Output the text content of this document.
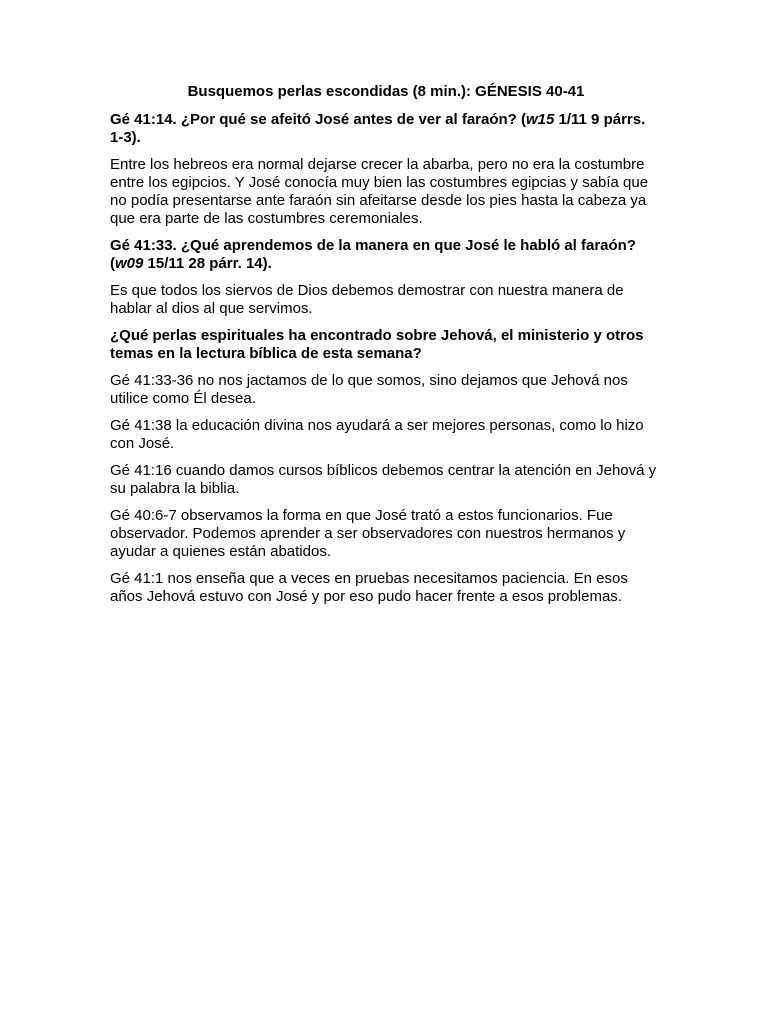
Busquemos perlas escondidas (8 min.): GÉNESIS 40-41

Gé 41:14. ¿Por qué se afeitó José antes de ver al faraón? (w15 1/11 9 párrs. 1-3).

Entre los hebreos era normal dejarse crecer la abarba, pero no era la costumbre entre los egipcios. Y José conocía muy bien las costumbres egipcias y sabía que no podía presentarse ante faraón sin afeitarse desde los pies hasta la cabeza ya que era parte de las costumbres ceremoniales.

Gé 41:33. ¿Qué aprendemos de la manera en que José le habló al faraón? (w09 15/11 28 párr. 14).

Es que todos los siervos de Dios debemos demostrar con nuestra manera de hablar al dios al que servimos.

¿Qué perlas espirituales ha encontrado sobre Jehová, el ministerio y otros temas en la lectura bíblica de esta semana?

Gé 41:33-36 no nos jactamos de lo que somos, sino dejamos que Jehová nos utilice como Él desea.

Gé 41:38 la educación divina nos ayudará a ser mejores personas, como lo hizo con José.

Gé 41:16 cuando damos cursos bíblicos debemos centrar la atención en Jehová y su palabra la biblia.

Gé 40:6-7 observamos la forma en que José trató a estos funcionarios. Fue observador. Podemos aprender a ser observadores con nuestros hermanos y ayudar a quienes están abatidos.

Gé 41:1 nos enseña que a veces en pruebas necesitamos paciencia. En esos años Jehová estuvo con José y por eso pudo hacer frente a esos problemas.
